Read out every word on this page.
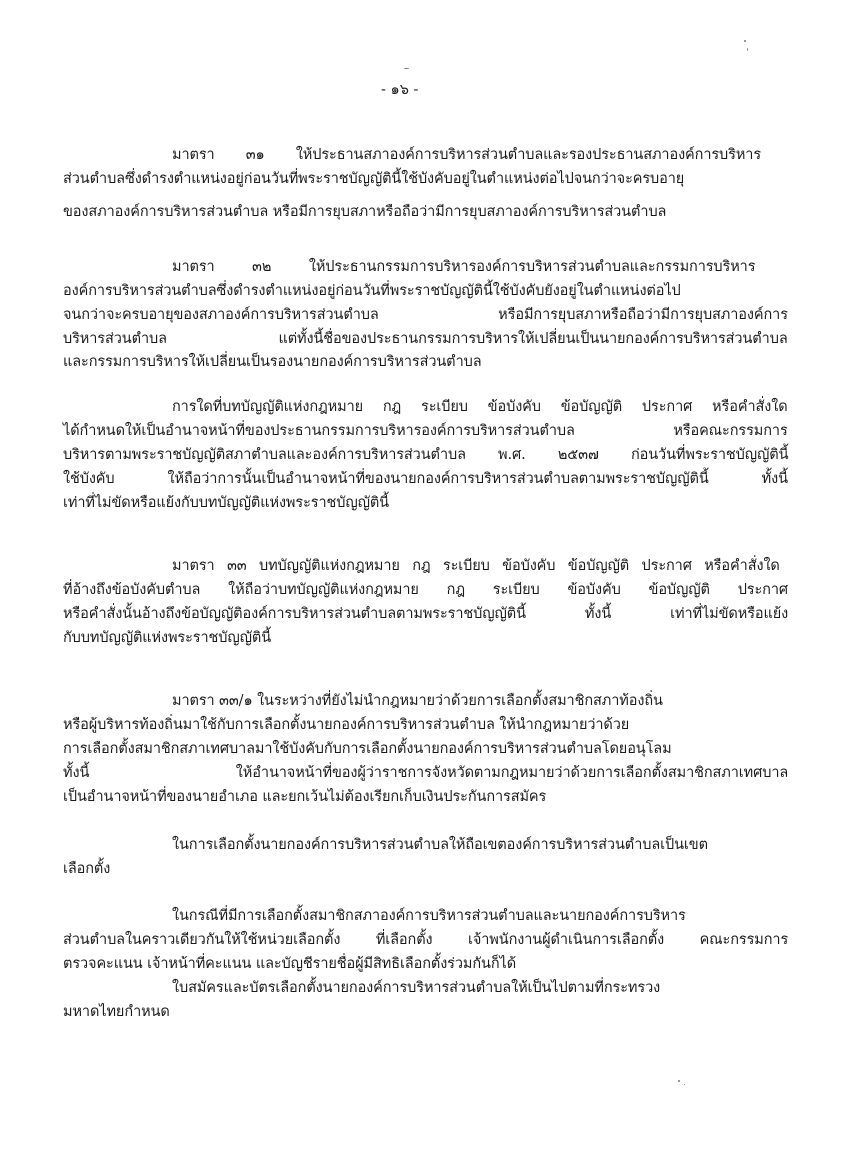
- ๑๖ -
มาตรา ๓๑ ให้ประธานสภาองค์การบริหารส่วนตำบลและรองประธานสภาองค์การบริหาร
ส่วนตำบลซึ่งดำรงตำแหน่งอยู่ก่อนวันที่พระราชบัญญัตินี้ใช้บังคับอยู่ในตำแหน่งต่อไปจนกว่าจะครบอายุ
ของสภาองค์การบริหารส่วนตำบล หรือมีการยุบสภาหรือถือว่ามีการยุบสภาองค์การบริหารส่วนตำบล
มาตรา ๓๒ ให้ประธานกรรมการบริหารองค์การบริหารส่วนตำบลและกรรมการบริหาร
องค์การบริหารส่วนตำบลซึ่งดำรงตำแหน่งอยู่ก่อนวันที่พระราชบัญญัตินี้ใช้บังคับยังอยู่ในตำแหน่งต่อไป
จนกว่าจะครบอายุของสภาองค์การบริหารส่วนตำบล หรือมีการยุบสภาหรือถือว่ามีการยุบสภาองค์การ
บริหารส่วนตำบล แต่ทั้งนี้ชื่อของประธานกรรมการบริหารให้เปลี่ยนเป็นนายกองค์การบริหารส่วนตำบล
และกรรมการบริหารให้เปลี่ยนเป็นรองนายกองค์การบริหารส่วนตำบล
การใดที่บทบัญญัติแห่งกฎหมาย กฎ ระเบียบ ข้อบังคับ ข้อบัญญัติ ประกาศ หรือคำสั่งใด
ได้กำหนดให้เป็นอำนาจหน้าที่ของประธานกรรมการบริหารองค์การบริหารส่วนตำบล หรือคณะกรรมการ
บริหารตามพระราชบัญญัติสภาตำบลและองค์การบริหารส่วนตำบล พ.ศ. ๒๕๓๗ ก่อนวันที่พระราชบัญญัตินี้
ใช้บังคับ ให้ถือว่าการนั้นเป็นอำนาจหน้าที่ของนายกองค์การบริหารส่วนตำบลตามพระราชบัญญัตินี้ ทั้งนี้
เท่าที่ไม่ขัดหรือแย้งกับบทบัญญัติแห่งพระราชบัญญัตินี้
มาตรา ๓๓ บทบัญญัติแห่งกฎหมาย กฎ ระเบียบ ข้อบังคับ ข้อบัญญัติ ประกาศ หรือคำสั่งใด
ที่อ้างถึงข้อบังคับตำบล ให้ถือว่าบทบัญญัติแห่งกฎหมาย กฎ ระเบียบ ข้อบังคับ ข้อบัญญัติ ประกาศ
หรือคำสั่งนั้นอ้างถึงข้อบัญญัติองค์การบริหารส่วนตำบลตามพระราชบัญญัตินี้ ทั้งนี้ เท่าที่ไม่ขัดหรือแย้ง
กับบทบัญญัติแห่งพระราชบัญญัตินี้
มาตรา ๓๓/๑ ในระหว่างที่ยังไม่นำกฎหมายว่าด้วยการเลือกตั้งสมาชิกสภาท้องถิ่น
หรือผู้บริหารท้องถิ่นมาใช้กับการเลือกตั้งนายกองค์การบริหารส่วนตำบล ให้นำกฎหมายว่าด้วย
การเลือกตั้งสมาชิกสภาเทศบาลมาใช้บังคับกับการเลือกตั้งนายกองค์การบริหารส่วนตำบลโดยอนุโลม
ทั้งนี้ ให้อำนาจหน้าที่ของผู้ว่าราชการจังหวัดตามกฎหมายว่าด้วยการเลือกตั้งสมาชิกสภาเทศบาล
เป็นอำนาจหน้าที่ของนายอำเภอ และยกเว้นไม่ต้องเรียกเก็บเงินประกันการสมัคร
ในการเลือกตั้งนายกองค์การบริหารส่วนตำบลให้ถือเขตองค์การบริหารส่วนตำบลเป็นเขต
เลือกตั้ง
ในกรณีที่มีการเลือกตั้งสมาชิกสภาองค์การบริหารส่วนตำบลและนายกองค์การบริหาร
ส่วนตำบลในคราวเดียวกันให้ใช้หน่วยเลือกตั้ง ที่เลือกตั้ง เจ้าพนักงานผู้ดำเนินการเลือกตั้ง คณะกรรมการ
ตรวจคะแนน เจ้าหน้าที่คะแนน และบัญชีรายชื่อผู้มีสิทธิเลือกตั้งร่วมกันก็ได้
ใบสมัครและบัตรเลือกตั้งนายกองค์การบริหารส่วนตำบลให้เป็นไปตามที่กระทรวง
มหาดไทยกำหนด
